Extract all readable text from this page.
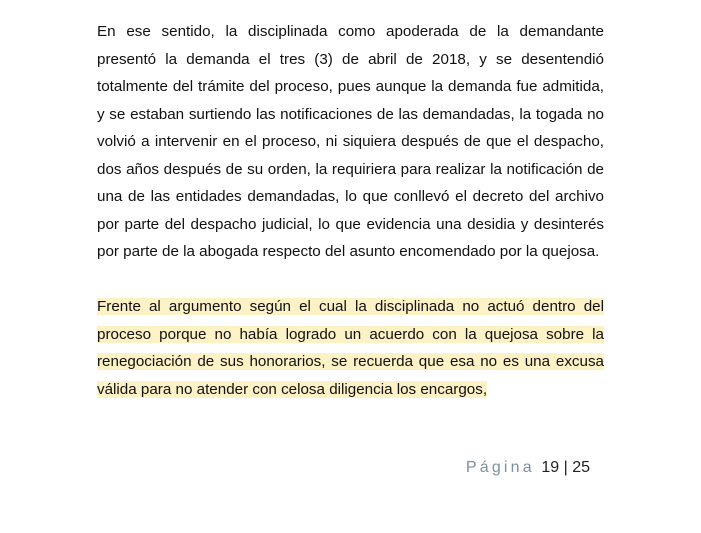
En ese sentido, la disciplinada como apoderada de la demandante presentó la demanda el tres (3) de abril de 2018, y se desentendió totalmente del trámite del proceso, pues aunque la demanda fue admitida, y se estaban surtiendo las notificaciones de las demandadas, la togada no volvió a intervenir en el proceso, ni siquiera después de que el despacho, dos años después de su orden, la requiriera para realizar la notificación de una de las entidades demandadas, lo que conllevó el decreto del archivo por parte del despacho judicial, lo que evidencia una desidia y desinterés por parte de la abogada respecto del asunto encomendado por la quejosa.

Frente al argumento según el cual la disciplinada no actuó dentro del proceso porque no había logrado un acuerdo con la quejosa sobre la renegociación de sus honorarios, se recuerda que esa no es una excusa válida para no atender con celosa diligencia los encargos,

Página 19 | 25
